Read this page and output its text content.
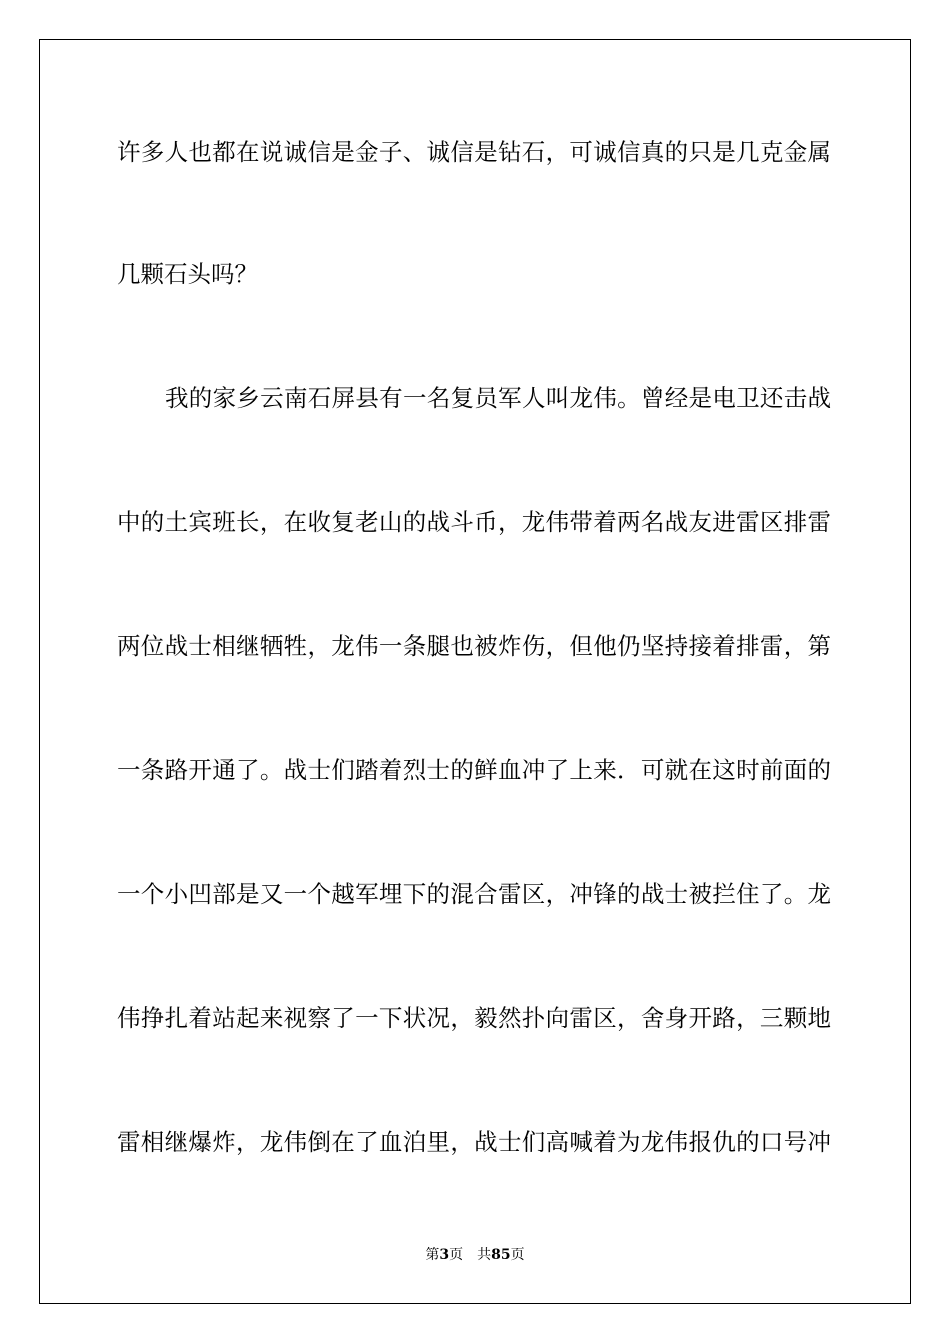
许多人也都在说诚信是金子、诚信是钻石，可诚信真的只是几克金属
几颗石头吗？
我的家乡云南石屏县有一名复员军人叫龙伟。曾经是电卫还击战
中的土宾班长，在收复老山的战斗币，龙伟带着两名战友进雷区排雷
两位战士相继牺牲，龙伟一条腿也被炸伤，但他仍坚持接着排雷，第
一条路开通了。战士们踏着烈士的鲜血冲了上来．可就在这时前面的
一个小凹部是又一个越军埋下的混合雷区，冲锋的战士被拦住了。龙
伟挣扎着站起来视察了一下状况，毅然扑向雷区，舍身开路，三颗地
雷相继爆炸，龙伟倒在了血泊里，战士们高喊着为龙伟报仇的口号冲
第3页 共85页
